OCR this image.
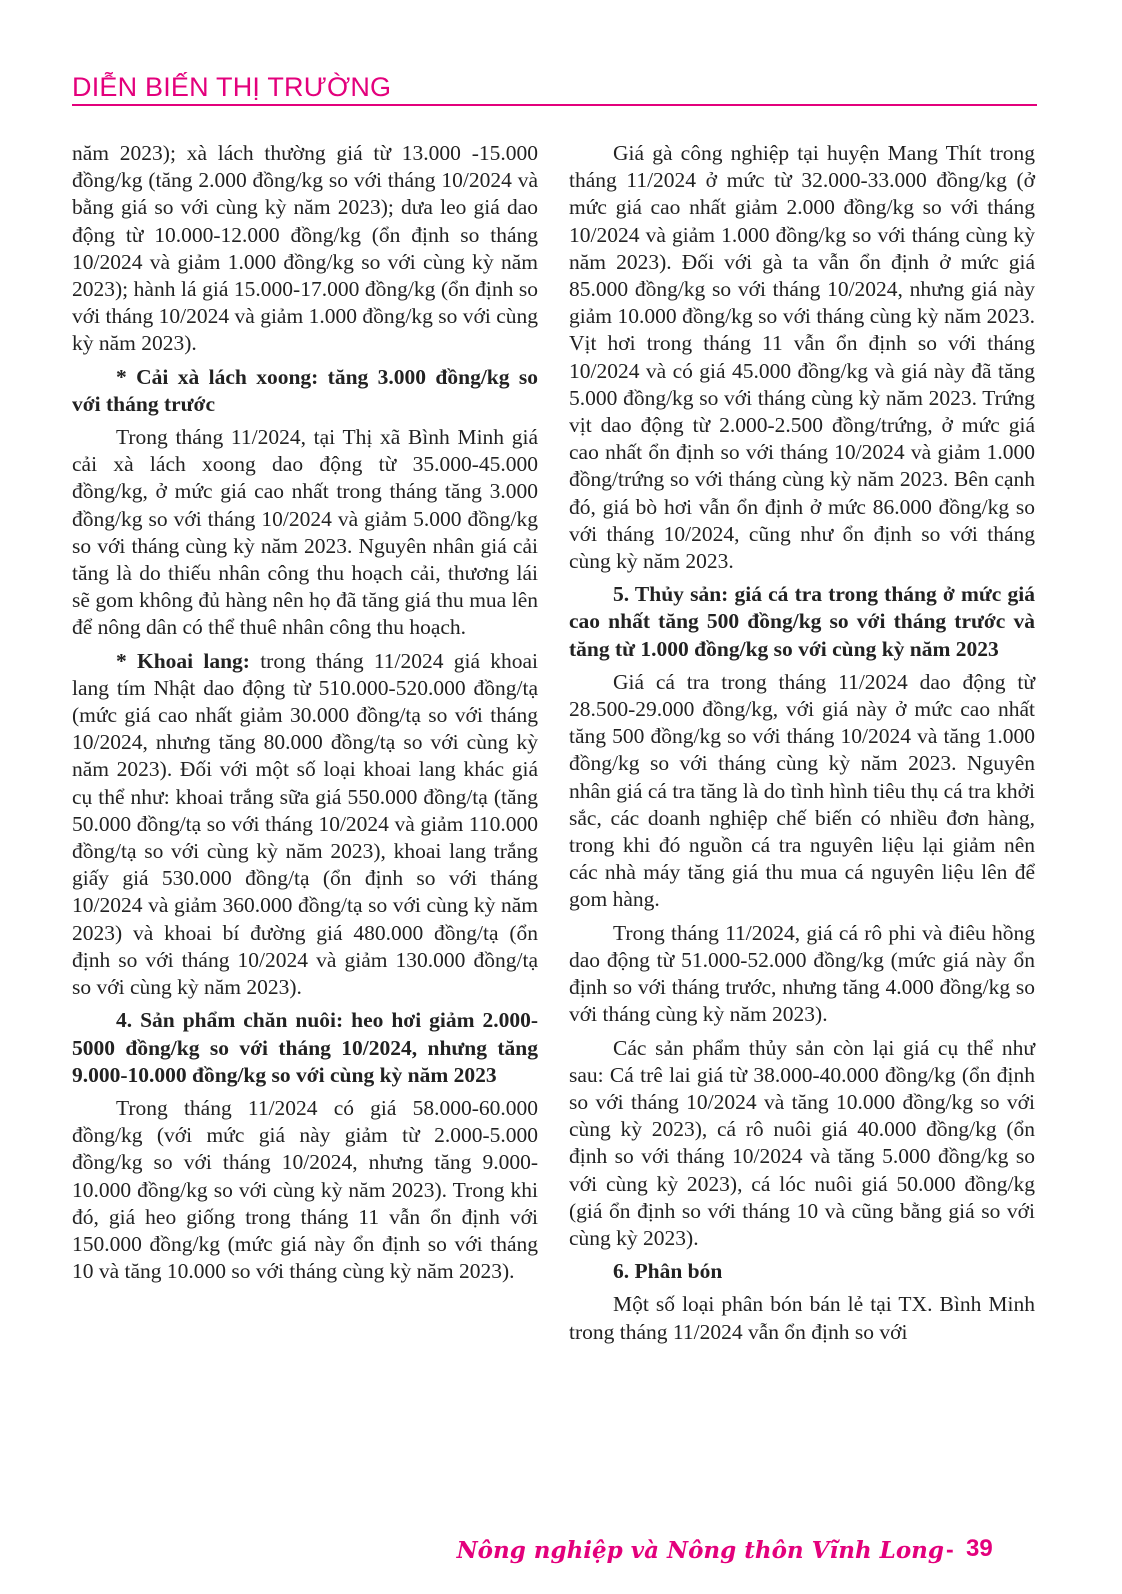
DIỄN BIẾN THỊ TRƯỜNG

năm 2023); xà lách thường giá từ 13.000 -15.000 đồng/kg (tăng 2.000 đồng/kg so với tháng 10/2024 và bằng giá so với cùng kỳ năm 2023); dưa leo giá dao động từ 10.000-12.000 đồng/kg (ổn định so tháng 10/2024 và giảm 1.000 đồng/kg so với cùng kỳ năm 2023); hành lá giá 15.000-17.000 đồng/kg (ổn định so với tháng 10/2024 và giảm 1.000 đồng/kg so với cùng kỳ năm 2023).

* Cải xà lách xoong: tăng 3.000 đồng/kg so với tháng trước

Trong tháng 11/2024, tại Thị xã Bình Minh giá cải xà lách xoong dao động từ 35.000-45.000 đồng/kg, ở mức giá cao nhất trong tháng tăng 3.000 đồng/kg so với tháng 10/2024 và giảm 5.000 đồng/kg so với tháng cùng kỳ năm 2023. Nguyên nhân giá cải tăng là do thiếu nhân công thu hoạch cải, thương lái sẽ gom không đủ hàng nên họ đã tăng giá thu mua lên để nông dân có thể thuê nhân công thu hoạch.

* Khoai lang: trong tháng 11/2024 giá khoai lang tím Nhật dao động từ 510.000-520.000 đồng/tạ (mức giá cao nhất giảm 30.000 đồng/tạ so với tháng 10/2024, nhưng tăng 80.000 đồng/tạ so với cùng kỳ năm 2023). Đối với một số loại khoai lang khác giá cụ thể như: khoai trắng sữa giá 550.000 đồng/tạ (tăng 50.000 đồng/tạ so với tháng 10/2024 và giảm 110.000 đồng/tạ so với cùng kỳ năm 2023), khoai lang trắng giấy giá 530.000 đồng/tạ (ổn định so với tháng 10/2024 và giảm 360.000 đồng/tạ so với cùng kỳ năm 2023) và khoai bí đường giá 480.000 đồng/tạ (ổn định so với tháng 10/2024 và giảm 130.000 đồng/tạ so với cùng kỳ năm 2023).

4. Sản phẩm chăn nuôi: heo hơi giảm 2.000-5000 đồng/kg so với tháng 10/2024, nhưng tăng 9.000-10.000 đồng/kg so với cùng kỳ năm 2023

Trong tháng 11/2024 có giá 58.000-60.000 đồng/kg (với mức giá này giảm từ 2.000-5.000 đồng/kg so với tháng 10/2024, nhưng tăng 9.000-10.000 đồng/kg so với cùng kỳ năm 2023). Trong khi đó, giá heo giống trong tháng 11 vẫn ổn định với 150.000 đồng/kg (mức giá này ổn định so với tháng 10 và tăng 10.000 so với tháng cùng kỳ năm 2023).

Giá gà công nghiệp tại huyện Mang Thít trong tháng 11/2024 ở mức từ 32.000-33.000 đồng/kg (ở mức giá cao nhất giảm 2.000 đồng/kg so với tháng 10/2024 và giảm 1.000 đồng/kg so với tháng cùng kỳ năm 2023). Đối với gà ta vẫn ổn định ở mức giá 85.000 đồng/kg so với tháng 10/2024, nhưng giá này giảm 10.000 đồng/kg so với tháng cùng kỳ năm 2023. Vịt hơi trong tháng 11 vẫn ổn định so với tháng 10/2024 và có giá 45.000 đồng/kg và giá này đã tăng 5.000 đồng/kg so với tháng cùng kỳ năm 2023. Trứng vịt dao động từ 2.000-2.500 đồng/trứng, ở mức giá cao nhất ổn định so với tháng 10/2024 và giảm 1.000 đồng/trứng so với tháng cùng kỳ năm 2023. Bên cạnh đó, giá bò hơi vẫn ổn định ở mức 86.000 đồng/kg so với tháng 10/2024, cũng như ổn định so với tháng cùng kỳ năm 2023.

5. Thủy sản: giá cá tra trong tháng ở mức giá cao nhất tăng 500 đồng/kg so với tháng trước và tăng từ 1.000 đồng/kg so với cùng kỳ năm 2023

Giá cá tra trong tháng 11/2024 dao động từ 28.500-29.000 đồng/kg, với giá này ở mức cao nhất tăng 500 đồng/kg so với tháng 10/2024 và tăng 1.000 đồng/kg so với tháng cùng kỳ năm 2023. Nguyên nhân giá cá tra tăng là do tình hình tiêu thụ cá tra khởi sắc, các doanh nghiệp chế biến có nhiều đơn hàng, trong khi đó nguồn cá tra nguyên liệu lại giảm nên các nhà máy tăng giá thu mua cá nguyên liệu lên để gom hàng.

Trong tháng 11/2024, giá cá rô phi và điêu hồng dao động từ 51.000-52.000 đồng/kg (mức giá này ổn định so với tháng trước, nhưng tăng 4.000 đồng/kg so với tháng cùng kỳ năm 2023).

Các sản phẩm thủy sản còn lại giá cụ thể như sau: Cá trê lai giá từ 38.000-40.000 đồng/kg (ổn định so với tháng 10/2024 và tăng 10.000 đồng/kg so với cùng kỳ 2023), cá rô nuôi giá 40.000 đồng/kg (ổn định so với tháng 10/2024 và tăng 5.000 đồng/kg so với cùng kỳ 2023), cá lóc nuôi giá 50.000 đồng/kg (giá ổn định so với tháng 10 và cũng bằng giá so với cùng kỳ 2023).

6. Phân bón

Một số loại phân bón bán lẻ tại TX. Bình Minh trong tháng 11/2024 vẫn ổn định so với

Nông nghiệp và Nông thôn Vĩnh Long - 39
